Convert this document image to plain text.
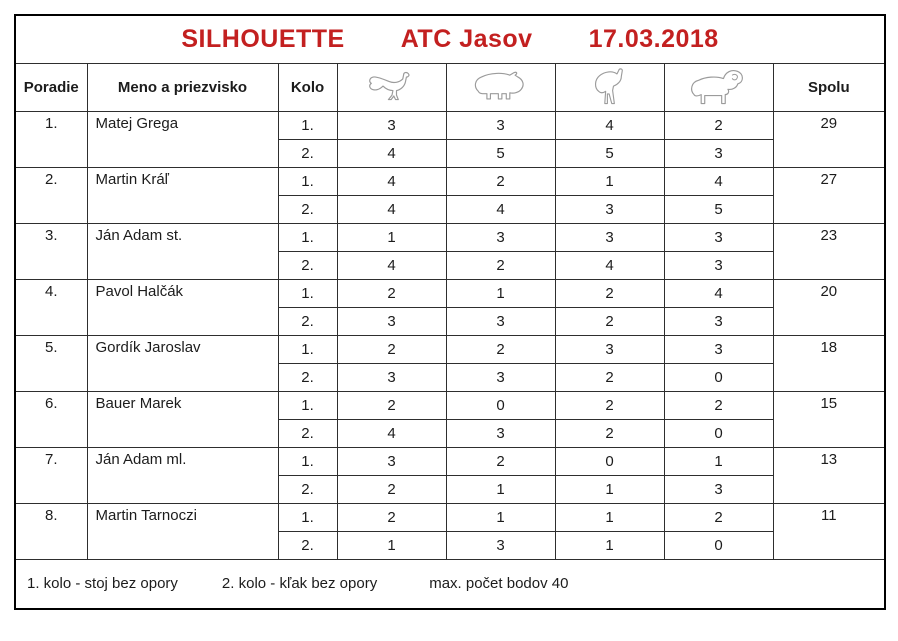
SILHOUETTE ATC Jasov 17.03.2018							

Poradie	Meno a priezvisko	Kolo					Spolu
1.	Matej Grega	1.	3	3	4	2	29
		2.	4	5	5	3	
2.	Martin Kráľ	1.	4	2	1	4	27
		2.	4	4	3	5	
3.	Ján Adam st.	1.	1	3	3	3	23
		2.	4	2	4	3	
4.	Pavol Halčák	1.	2	1	2	4	20
		2.	3	3	2	3	
5.	Gordík Jaroslav	1.	2	2	3	3	18
		2.	3	3	2	0	
6.	Bauer Marek	1.	2	0	2	2	15
		2.	4	3	2	0	
7.	Ján Adam ml.	1.	3	2	0	1	13
		2.	2	1	1	3	
8.	Martin Tarnoczi	1.	2	1	1	2	11
		2.	1	3	1	0	

1. kolo - stoj bez opory 2. kolo - kľak bez opory max. počet bodov 40							
